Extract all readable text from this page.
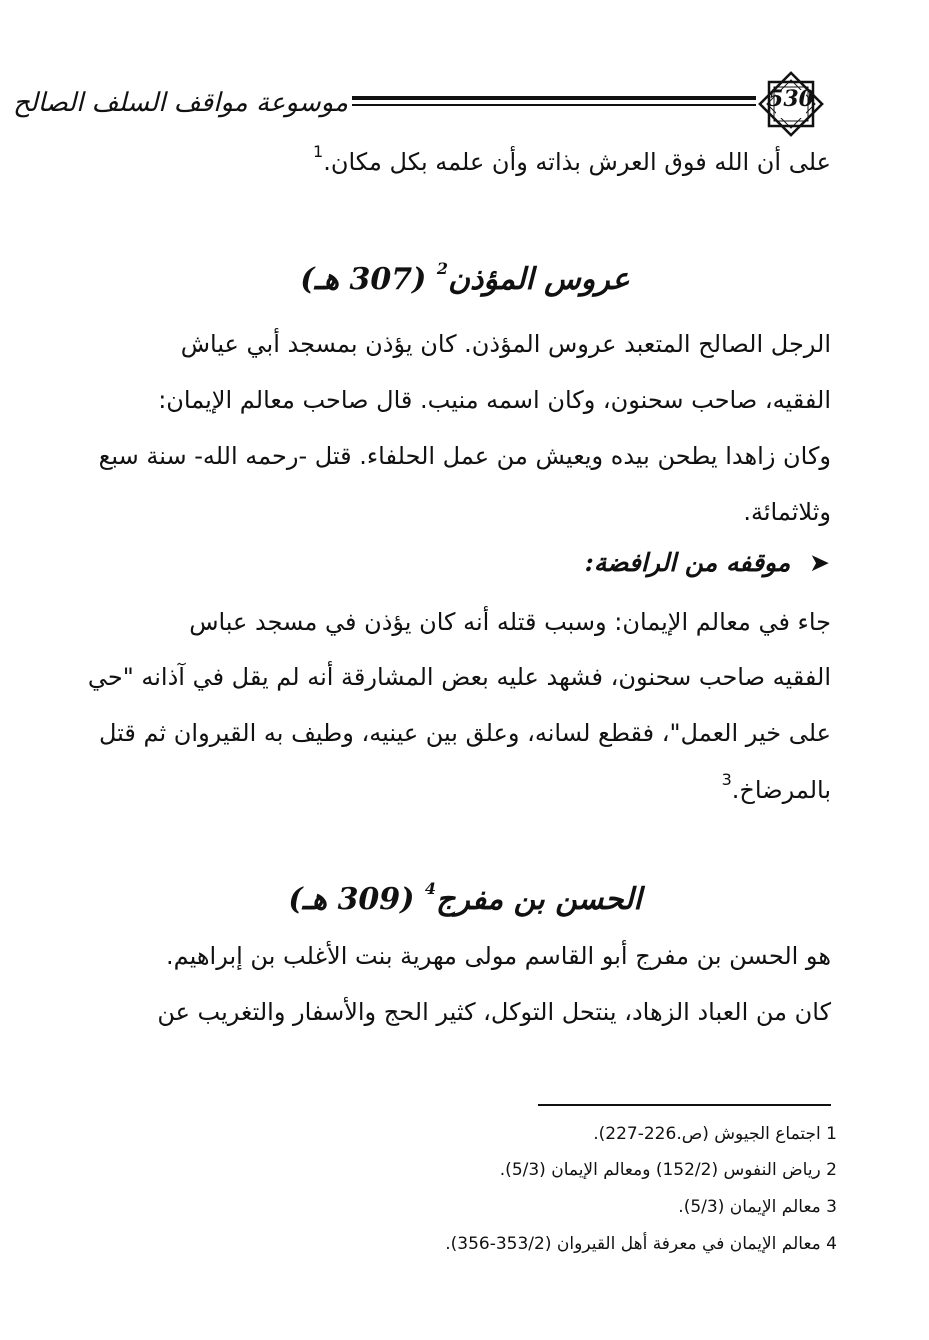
موسوعة مواقف السلف الصالح	530
على أن الله فوق العرش بذاته وأن علمه بكل مكان.$^1$
عروس المؤذن$^2$ (307 هـ)
الرجل الصالح المتعبد عروس المؤذن. كان يؤذن بمسجد أبي عياش
الفقيه، صاحب سحنون، وكان اسمه منيب. قال صاحب معالم الإيمان:
وكان زاهدا يطحن بيده ويعيش من عمل الحلفاء. قتل -رحمه الله- سنة سبع
وثلاثمائة.
➤ موقفه من الرافضة:
جاء في معالم الإيمان: وسبب قتله أنه كان يؤذن في مسجد عباس
الفقيه صاحب سحنون، فشهد عليه بعض المشارقة أنه لم يقل في آذانه "حي
على خير العمل"، فقطع لسانه، وعلق بين عينيه، وطيف به القيروان ثم قتل
بالمرضاخ.$^3$
الحسن بن مفرج$^4$ (309 هـ)
هو الحسن بن مفرج أبو القاسم مولى مهرية بنت الأغلب بن إبراهيم.
كان من العباد الزهاد، ينتحل التوكل، كثير الحج والأسفار والتغريب عن
1 اجتماع الجيوش (ص.226-227).
2 رياض النفوس (152/2) ومعالم الإيمان (5/3).
3 معالم الإيمان (5/3).
4 معالم الإيمان في معرفة أهل القيروان (353/2-356).
